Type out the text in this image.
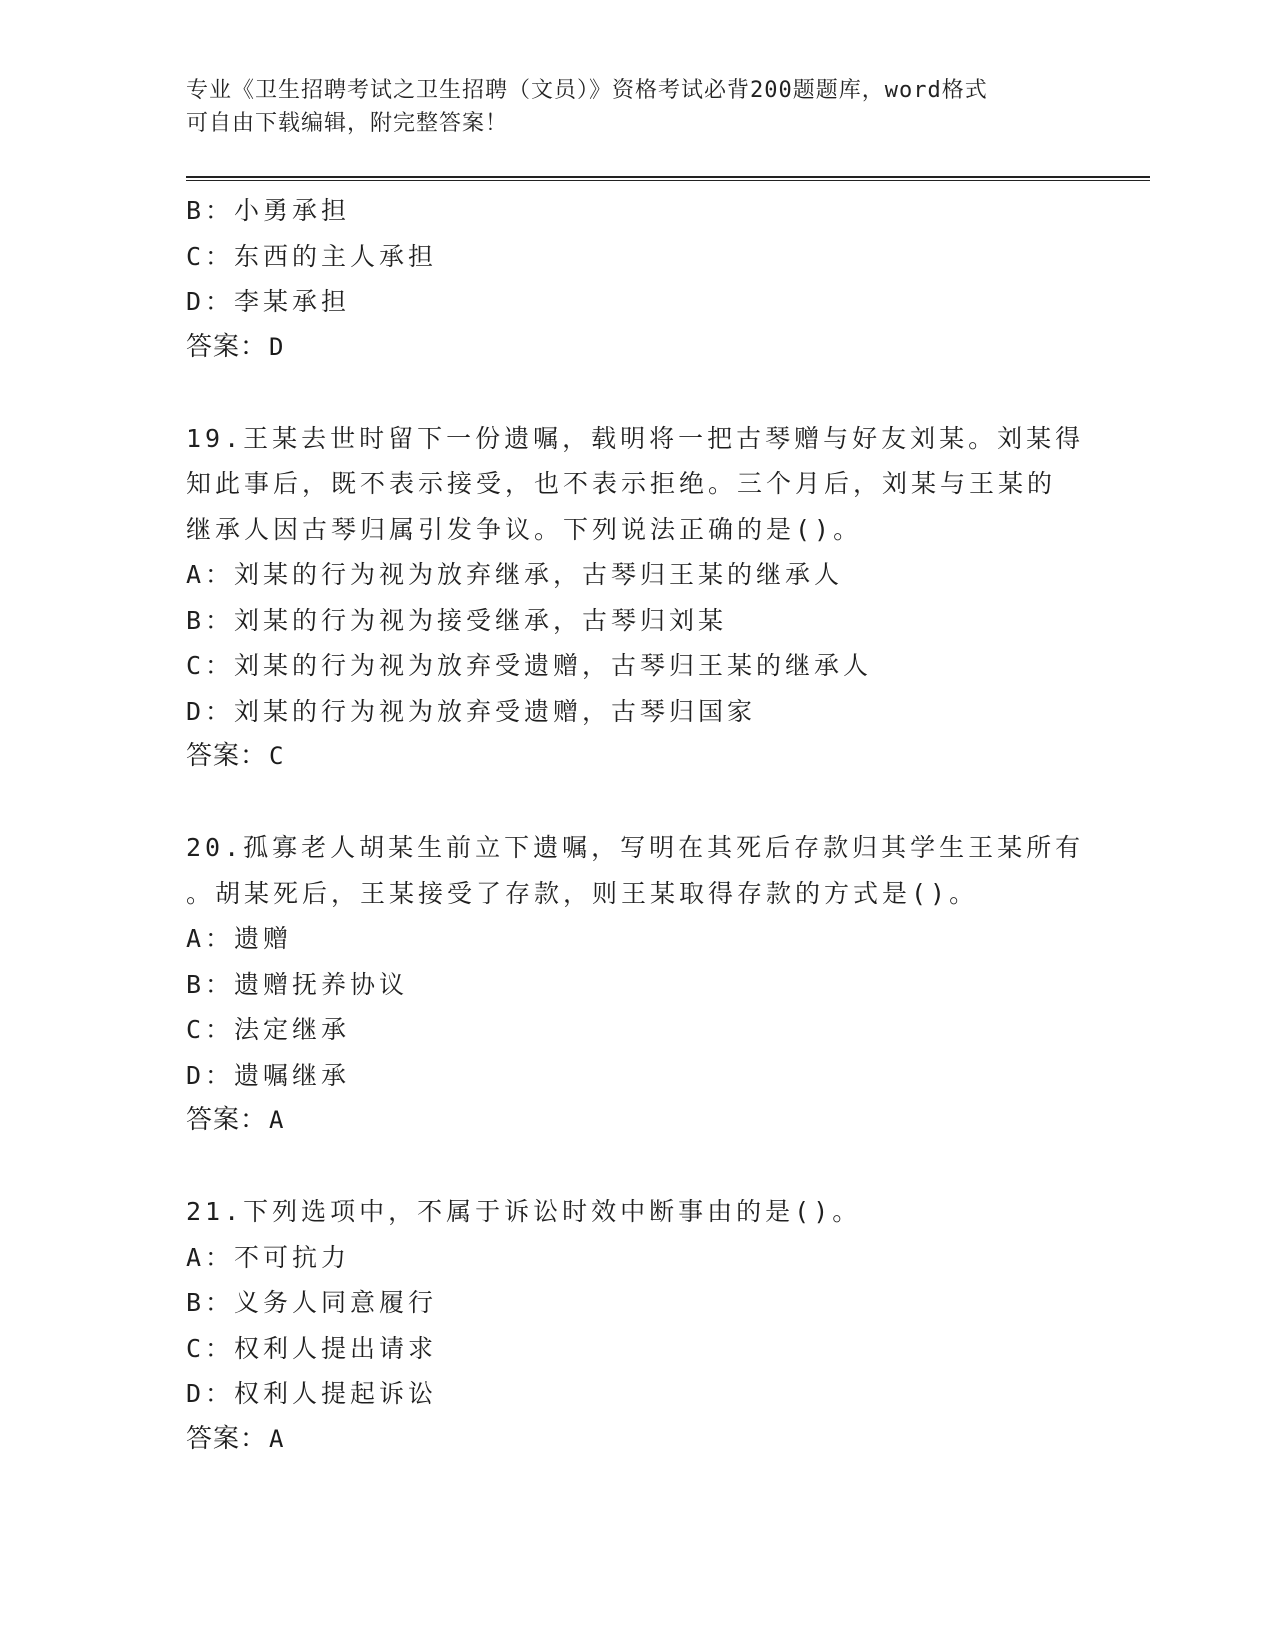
专业《卫生招聘考试之卫生招聘（文员）》资格考试必背200题题库，word格式
可自由下载编辑，附完整答案！
B：小勇承担
C：东西的主人承担
D：李某承担
答案：D
19.王某去世时留下一份遗嘱，载明将一把古琴赠与好友刘某。刘某得
知此事后，既不表示接受，也不表示拒绝。三个月后，刘某与王某的
继承人因古琴归属引发争议。下列说法正确的是()。
A：刘某的行为视为放弃继承，古琴归王某的继承人
B：刘某的行为视为接受继承，古琴归刘某
C：刘某的行为视为放弃受遗赠，古琴归王某的继承人
D：刘某的行为视为放弃受遗赠，古琴归国家
答案：C
20.孤寡老人胡某生前立下遗嘱，写明在其死后存款归其学生王某所有
。胡某死后，王某接受了存款，则王某取得存款的方式是()。
A：遗赠
B：遗赠抚养协议
C：法定继承
D：遗嘱继承
答案：A
21.下列选项中，不属于诉讼时效中断事由的是()。
A：不可抗力
B：义务人同意履行
C：权利人提出请求
D：权利人提起诉讼
答案：A
